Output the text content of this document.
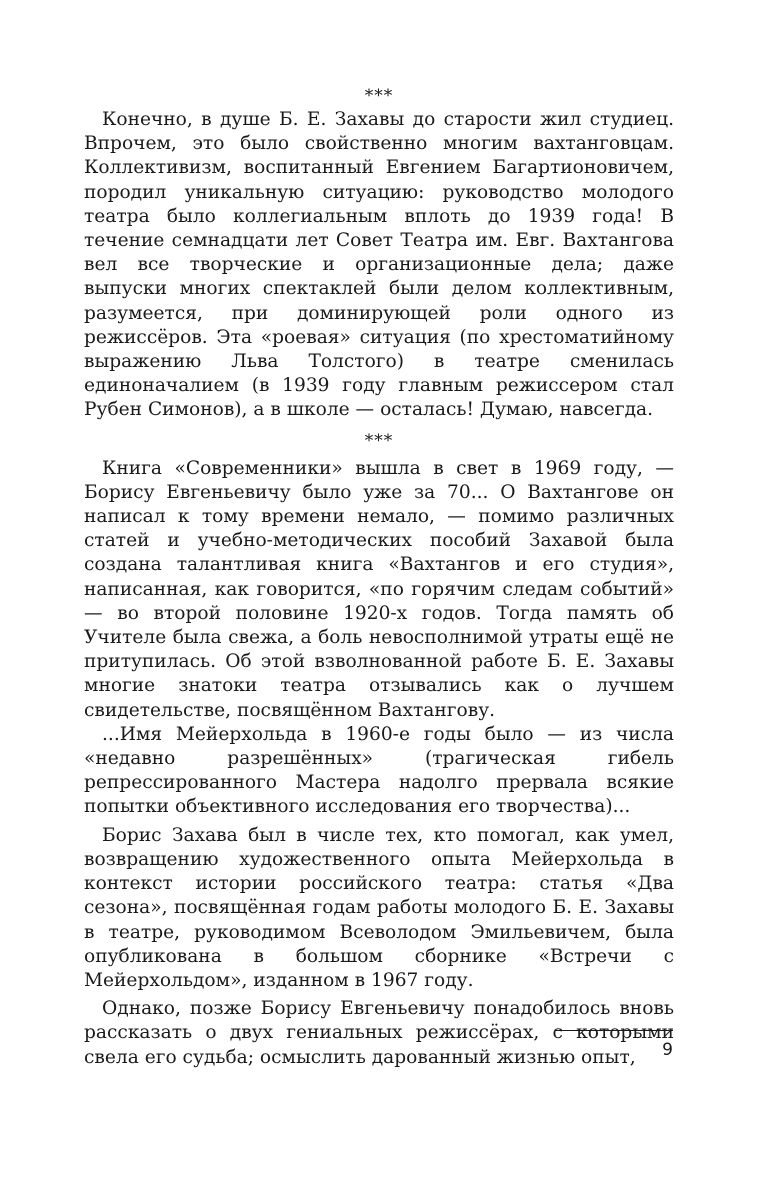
***

Конечно, в душе Б. Е. Захавы до старости жил студиец. Впрочем, это было свойственно многим вахтанговцам. Коллективизм, воспитанный Евгением Багартионовичем, породил уникальную ситуацию: руководство молодого театра было коллегиальным вплоть до 1939 года! В течение семнадцати лет Совет Театра им. Евг. Вахтангова вел все творческие и организационные дела; даже выпуски многих спектаклей были делом коллективным, разумеется, при доминирующей роли одного из режиссёров. Эта «роевая» ситуация (по хрестоматийному выражению Льва Толстого) в театре сменилась единоначалием (в 1939 году главным режиссером стал Рубен Симонов), а в школе — осталась! Думаю, навсегда.

***

Книга «Современники» вышла в свет в 1969 году, — Борису Евгеньевичу было уже за 70... О Вахтангове он написал к тому времени немало, — помимо различных статей и учебно-методических пособий Захавой была создана талантливая книга «Вахтангов и его студия», написанная, как говорится, «по горячим следам событий» — во второй половине 1920-х годов. Тогда память об Учителе была свежа, а боль невосполнимой утраты ещё не притупилась. Об этой взволнованной работе Б. Е. Захавы многие знатоки театра отзывались как о лучшем свидетельстве, посвящённом Вахтангову.

...Имя Мейерхольда в 1960-е годы было — из числа «недавно разрешённых» (трагическая гибель репрессированного Мастера надолго прервала всякие попытки объективного исследования его творчества)...

Борис Захава был в числе тех, кто помогал, как умел, возвращению художественного опыта Мейерхольда в контекст истории российского театра: статья «Два сезона», посвящённая годам работы молодого Б. Е. Захавы в театре, руководимом Всеволодом Эмильевичем, была опубликована в большом сборнике «Встречи с Мейерхольдом», изданном в 1967 году.

Однако, позже Борису Евгеньевичу понадобилось вновь рассказать о двух гениальных режиссёрах, с которыми свела его судьба; осмыслить дарованный жизнью опыт,	9
